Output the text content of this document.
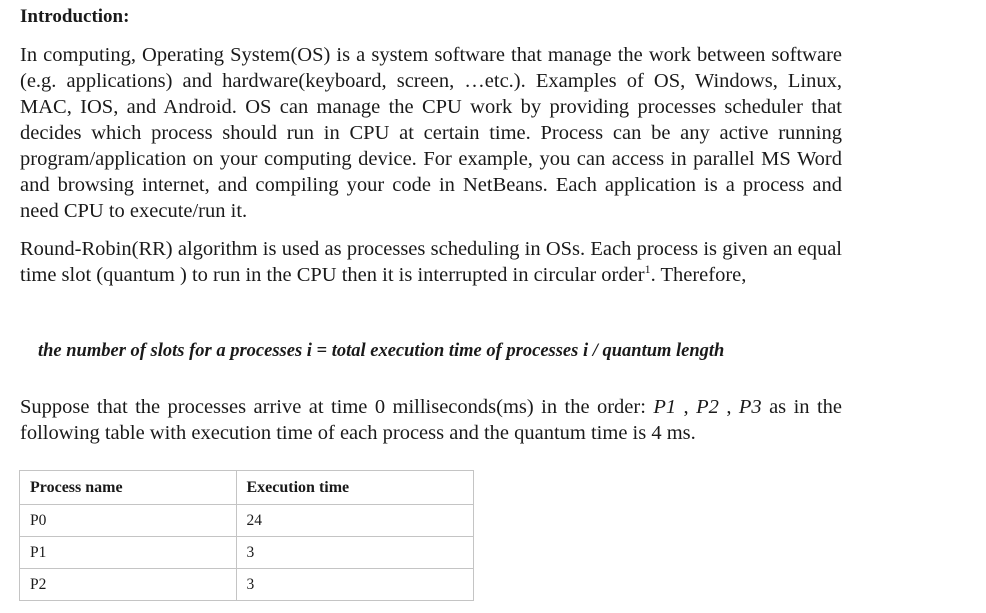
Introduction:

In computing, Operating System(OS) is a system software that manage the work between software (e.g. applications) and hardware(keyboard, screen, …etc.). Examples of OS, Windows, Linux, MAC, IOS, and Android. OS can manage the CPU work by providing processes scheduler that decides which process should run in CPU at certain time. Process can be any active running program/application on your computing device. For example, you can access in parallel MS Word and browsing internet, and compiling your code in NetBeans. Each application is a process and need CPU to execute/run it.

Round-Robin(RR) algorithm is used as processes scheduling in OSs. Each process is given an equal time slot (quantum ) to run in the CPU then it is interrupted in circular order$^1$. Therefore,

the number of slots for a processes i = total execution time of processes i / quantum length

Suppose that the processes arrive at time 0 milliseconds(ms) in the order: P1 , P2 , P3 as in the following table with execution time of each process and the quantum time is 4 ms.

Process name	Execution time
P0	24
P1	3
P2	3
